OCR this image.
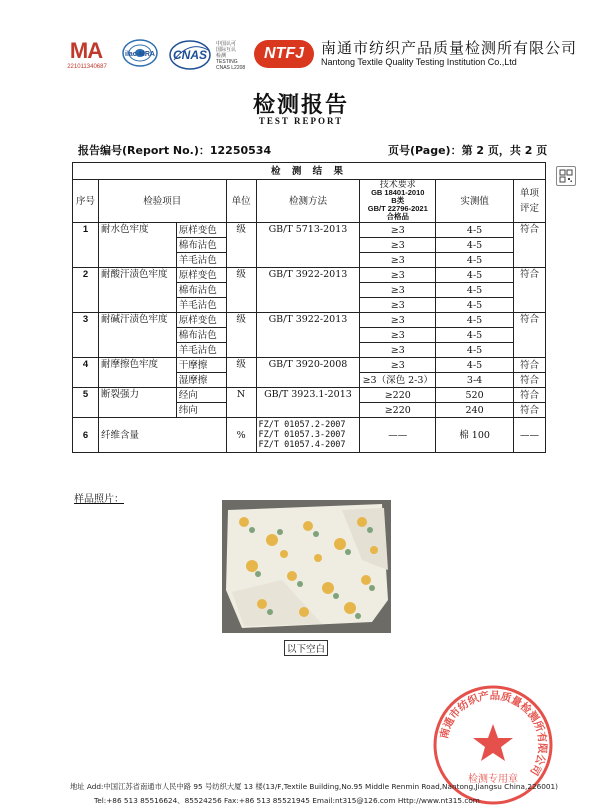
MA
221011340687
ilac-MRA CNAS
中国认可
国际互认
检测
TESTING
CNAS L2208
NTFJ	南通市纺织产品质量检测所有限公司
Nantong Textile Quality Testing Institution Co.,Ltd
检测报告
TEST REPORT
报告编号(Report No.)：12250534	页号(Page)：第 2 页，共 2 页
检 测 结 果							
序号	检验项目		单位	检测方法	技术要求
GB 18401-2010
B类
GB/T 22796-2021
合格品	实测值	单项评定
1	耐水色牢度	原样变色	级	GB/T 5713-2013	≥3	4-5	符合
		棉布沾色			≥3	4-5	
		羊毛沾色			≥3	4-5	
2	耐酸汗渍色牢度	原样变色	级	GB/T 3922-2013	≥3	4-5	符合
		棉布沾色			≥3	4-5	
		羊毛沾色			≥3	4-5	
3	耐碱汗渍色牢度	原样变色	级	GB/T 3922-2013	≥3	4-5	符合
		棉布沾色			≥3	4-5	
		羊毛沾色			≥3	4-5	
4	耐摩擦色牢度	干摩擦	级	GB/T 3920-2008	≥3	4-5	符合
		湿摩擦			≥3（深色 2-3）	3-4	符合
5	断裂强力	经向	N	GB/T 3923.1-2013	≥220	520	符合
		纬向			≥220	240	符合
6	纤维含量		%	FZ/T 01057.2-2007
FZ/T 01057.3-2007
FZ/T 01057.4-2007	——	棉 100	——
样品照片：
以下空白
南通市纺织产品质量检测所有限公司
检测专用章
地址 Add:中国江苏省南通市人民中路 95 号纺织大厦 13 楼(13/F,Textile Building,No.95 Middle Renmin Road,Nantong,Jiangsu China,226001)
Tel:+86 513 85516624、85524256 Fax:+86 513 85521945 Email:nt315@126.com Http://www.nt315.com
